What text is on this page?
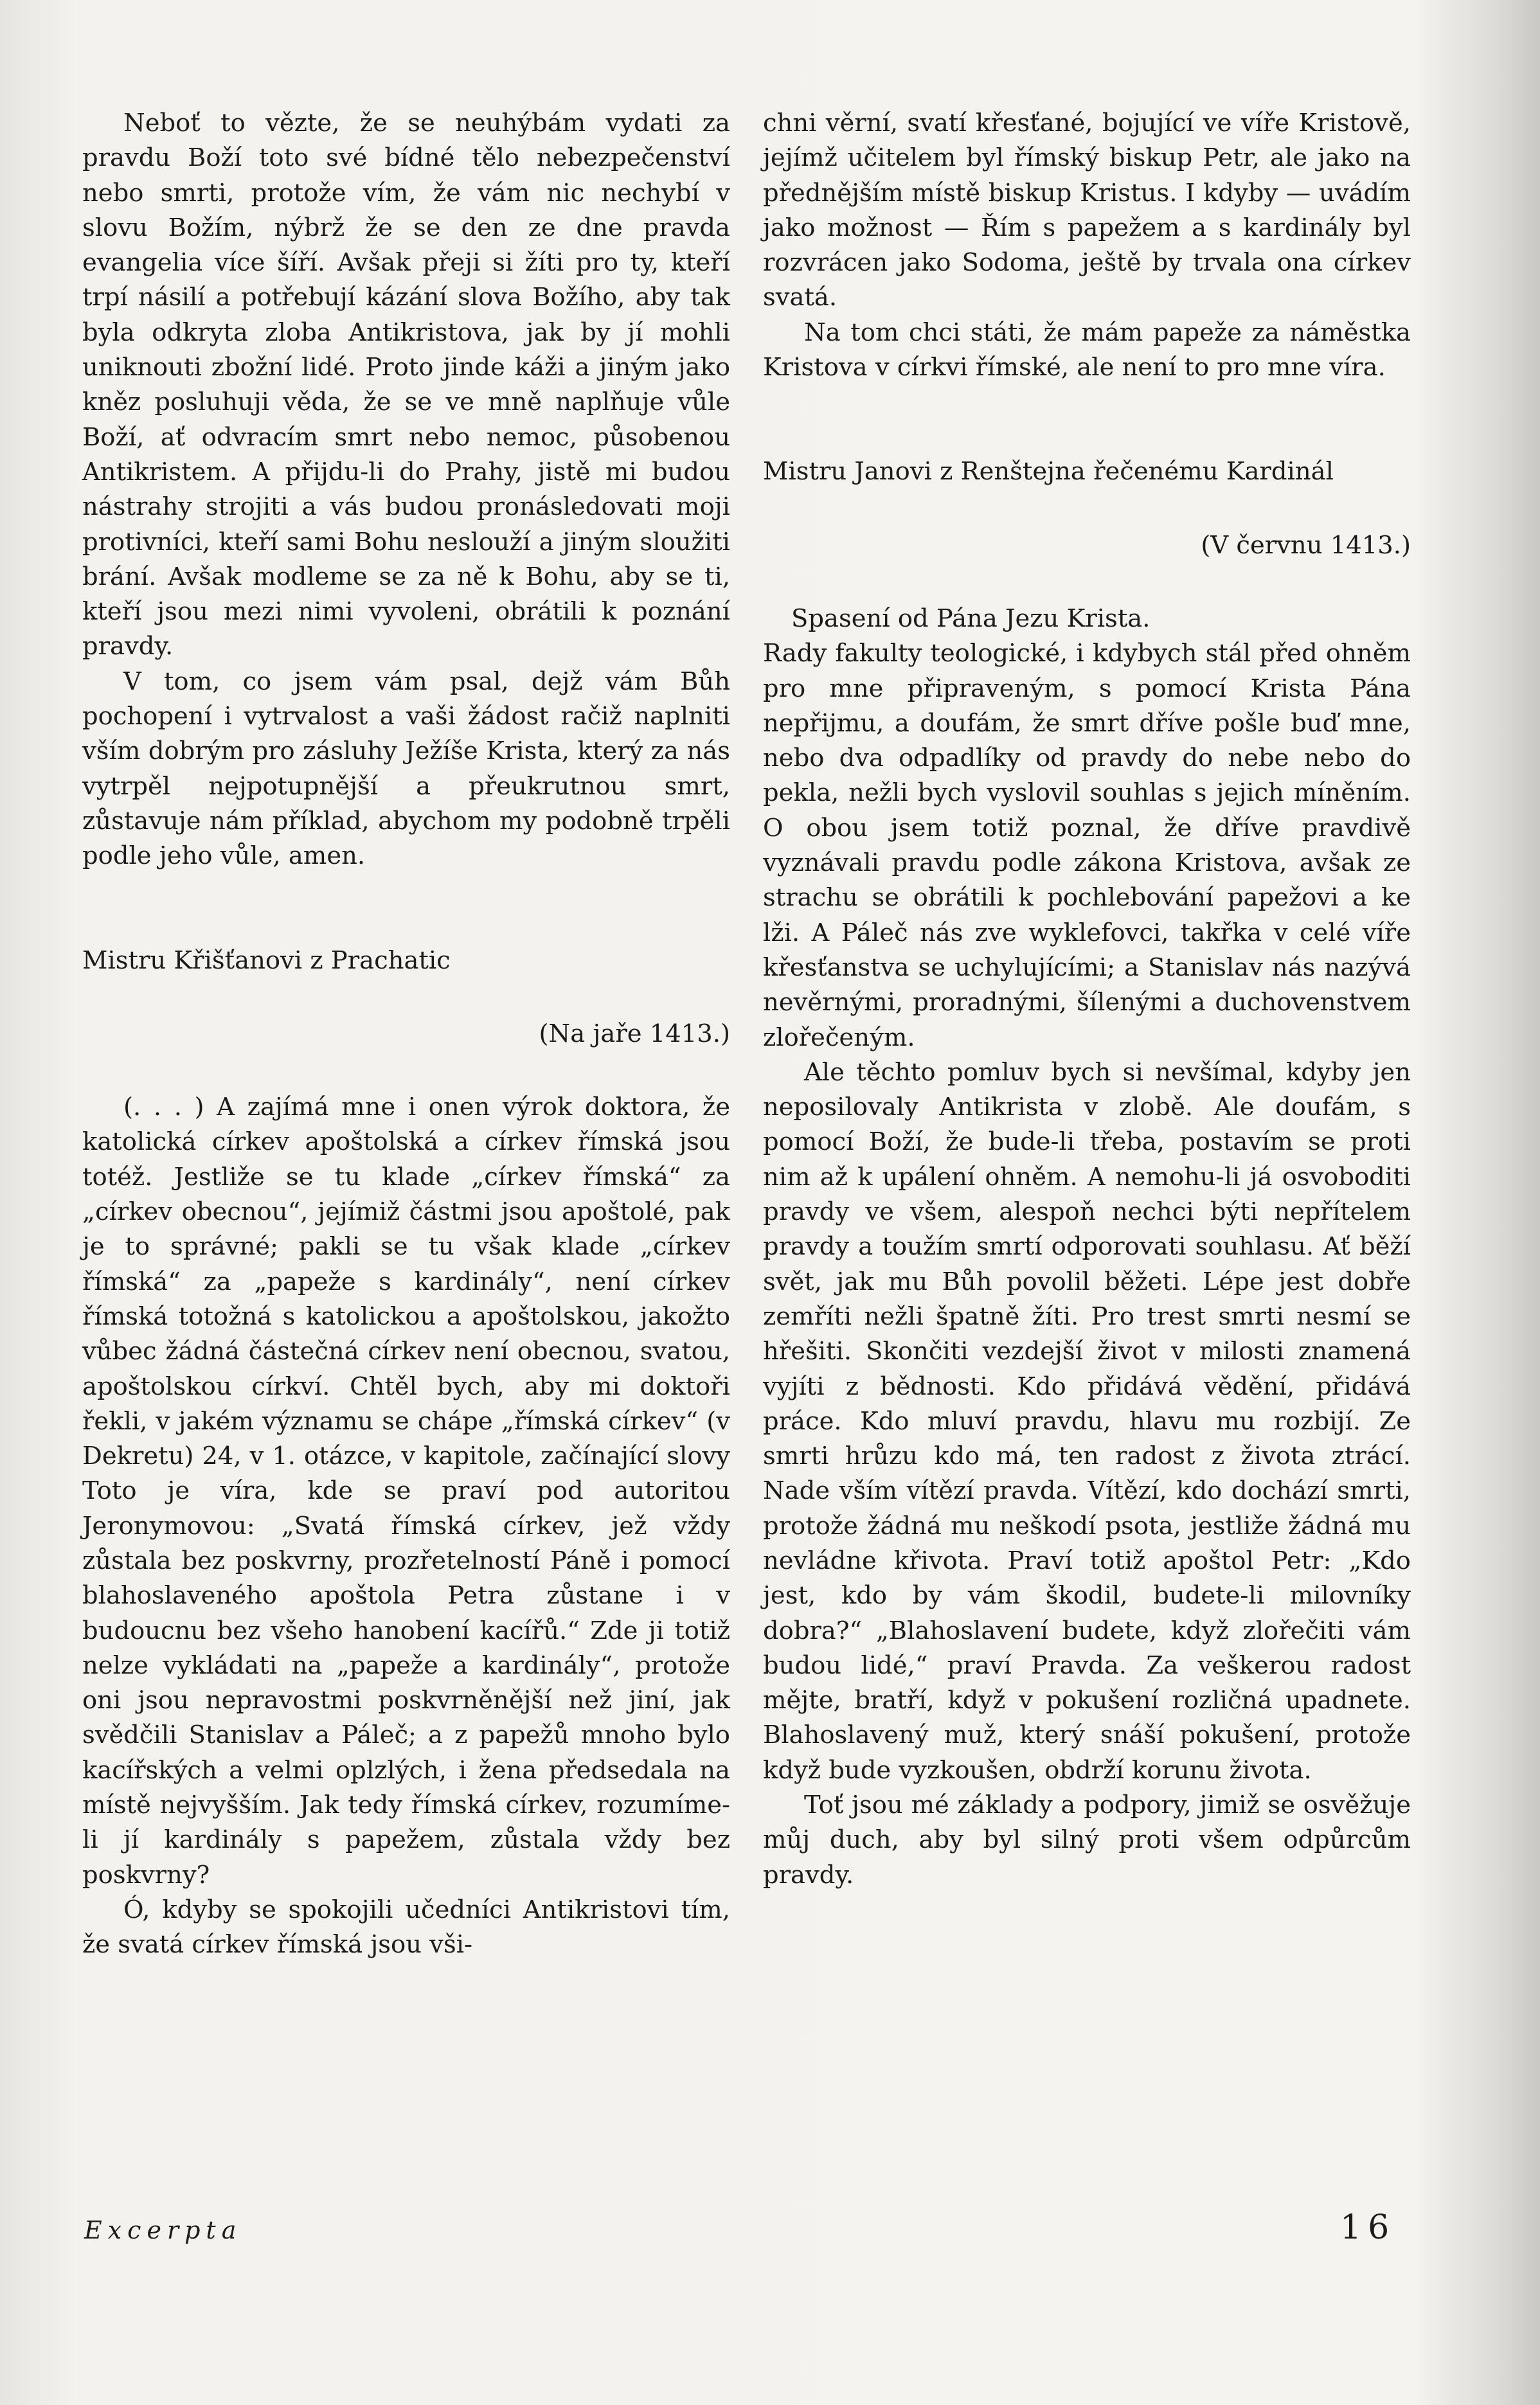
Neboť to vězte, že se neuhýbám vydati za pravdu Boží toto své bídné tělo nebezpečenství nebo smrti, protože vím, že vám nic nechybí v slovu Božím, nýbrž že se den ze dne pravda evangelia více šíří. Avšak přeji si žíti pro ty, kteří trpí násilí a potřebují kázání slova Božího, aby tak byla odkryta zloba Antikristova, jak by jí mohli uniknouti zbožní lidé. Proto jinde káži a jiným jako kněz posluhuji věda, že se ve mně naplňuje vůle Boží, ať odvracím smrt nebo nemoc, působenou Antikristem. A přijdu-li do Prahy, jistě mi budou nástrahy strojiti a vás budou pronásledovati moji protivníci, kteří sami Bohu neslouží a jiným sloužiti brání. Avšak modleme se za ně k Bohu, aby se ti, kteří jsou mezi nimi vyvoleni, obrátili k poznání pravdy.

V tom, co jsem vám psal, dejž vám Bůh pochopení i vytrvalost a vaši žádost račiž naplniti vším dobrým pro zásluhy Ježíše Krista, který za nás vytrpěl nejpotupnější a přeukrutnou smrt, zůstavuje nám příklad, abychom my podobně trpěli podle jeho vůle, amen.

Mistru Křišťanovi z Prachatic

(Na jaře 1413.)

(. . . ) A zajímá mne i onen výrok doktora, že katolická církev apoštolská a církev římská jsou totéž. Jestliže se tu klade „církev římská“ za „církev obecnou“, jejímiž částmi jsou apoštolé, pak je to správné; pakli se tu však klade „církev římská“ za „papeže s kardinály“, není církev římská totožná s katolickou a apoštolskou, jakožto vůbec žádná částečná církev není obecnou, svatou, apoštolskou církví. Chtěl bych, aby mi doktoři řekli, v jakém významu se chápe „římská církev“ (v Dekretu) 24, v 1. otázce, v kapitole, začínající slovy Toto je víra, kde se praví pod autoritou Jeronymovou: „Svatá římská církev, jež vždy zůstala bez poskvrny, prozřetelností Páně i pomocí blahoslaveného apoštola Petra zůstane i v budoucnu bez všeho hanobení kacířů.“ Zde ji totiž nelze vykládati na „papeže a kardinály“, protože oni jsou nepravostmi poskvrněnější než jiní, jak svědčili Stanislav a Páleč; a z papežů mnoho bylo kacířských a velmi oplzlých, i žena předsedala na místě nejvyšším. Jak tedy římská církev, rozumíme-li jí kardinály s papežem, zůstala vždy bez poskvrny?

Ó, kdyby se spokojili učedníci Antikristovi tím, že svatá církev římská jsou vši-

chni věrní, svatí křesťané, bojující ve víře Kristově, jejímž učitelem byl římský biskup Petr, ale jako na přednějším místě biskup Kristus. I kdyby — uvádím jako možnost — Řím s papežem a s kardinály byl rozvrácen jako Sodoma, ještě by trvala ona církev svatá.

Na tom chci státi, že mám papeže za náměstka Kristova v církvi římské, ale není to pro mne víra.

Mistru Janovi z Renštejna řečenému Kardinál

(V červnu 1413.)

Spasení od Pána Jezu Krista.

Rady fakulty teologické, i kdybych stál před ohněm pro mne připraveným, s pomocí Krista Pána nepřijmu, a doufám, že smrt dříve pošle buď mne, nebo dva odpadlíky od pravdy do nebe nebo do pekla, nežli bych vyslovil souhlas s jejich míněním. O obou jsem totiž poznal, že dříve pravdivě vyznávali pravdu podle zákona Kristova, avšak ze strachu se obrátili k pochlebování papežovi a ke lži. A Páleč nás zve wyklefovci, takřka v celé víře křesťanstva se uchylujícími; a Stanislav nás nazývá nevěrnými, proradnými, šílenými a duchovenstvem zlořečeným.

Ale těchto pomluv bych si nevšímal, kdyby jen neposilovaly Antikrista v zlobě. Ale doufám, s pomocí Boží, že bude-li třeba, postavím se proti nim až k upálení ohněm. A nemohu-li já osvoboditi pravdy ve všem, alespoň nechci býti nepřítelem pravdy a toužím smrtí odporovati souhlasu. Ať běží svět, jak mu Bůh povolil běžeti. Lépe jest dobře zemříti nežli špatně žíti. Pro trest smrti nesmí se hřešiti. Skončiti vezdejší život v milosti znamená vyjíti z bědnosti. Kdo přidává vědění, přidává práce. Kdo mluví pravdu, hlavu mu rozbijí. Ze smrti hrůzu kdo má, ten radost z života ztrácí. Nade vším vítězí pravda. Vítězí, kdo dochází smrti, protože žádná mu neškodí psota, jestliže žádná mu nevládne křivota. Praví totiž apoštol Petr: „Kdo jest, kdo by vám škodil, budete-li milovníky dobra?“ „Blahoslavení budete, když zlořečiti vám budou lidé,“ praví Pravda. Za veškerou radost mějte, bratří, když v pokušení rozličná upadnete. Blahoslavený muž, který snáší pokušení, protože když bude vyzkoušen, obdrží korunu života.

Toť jsou mé základy a podpory, jimiž se osvěžuje můj duch, aby byl silný proti všem odpůrcům pravdy.

Excerpta	16
